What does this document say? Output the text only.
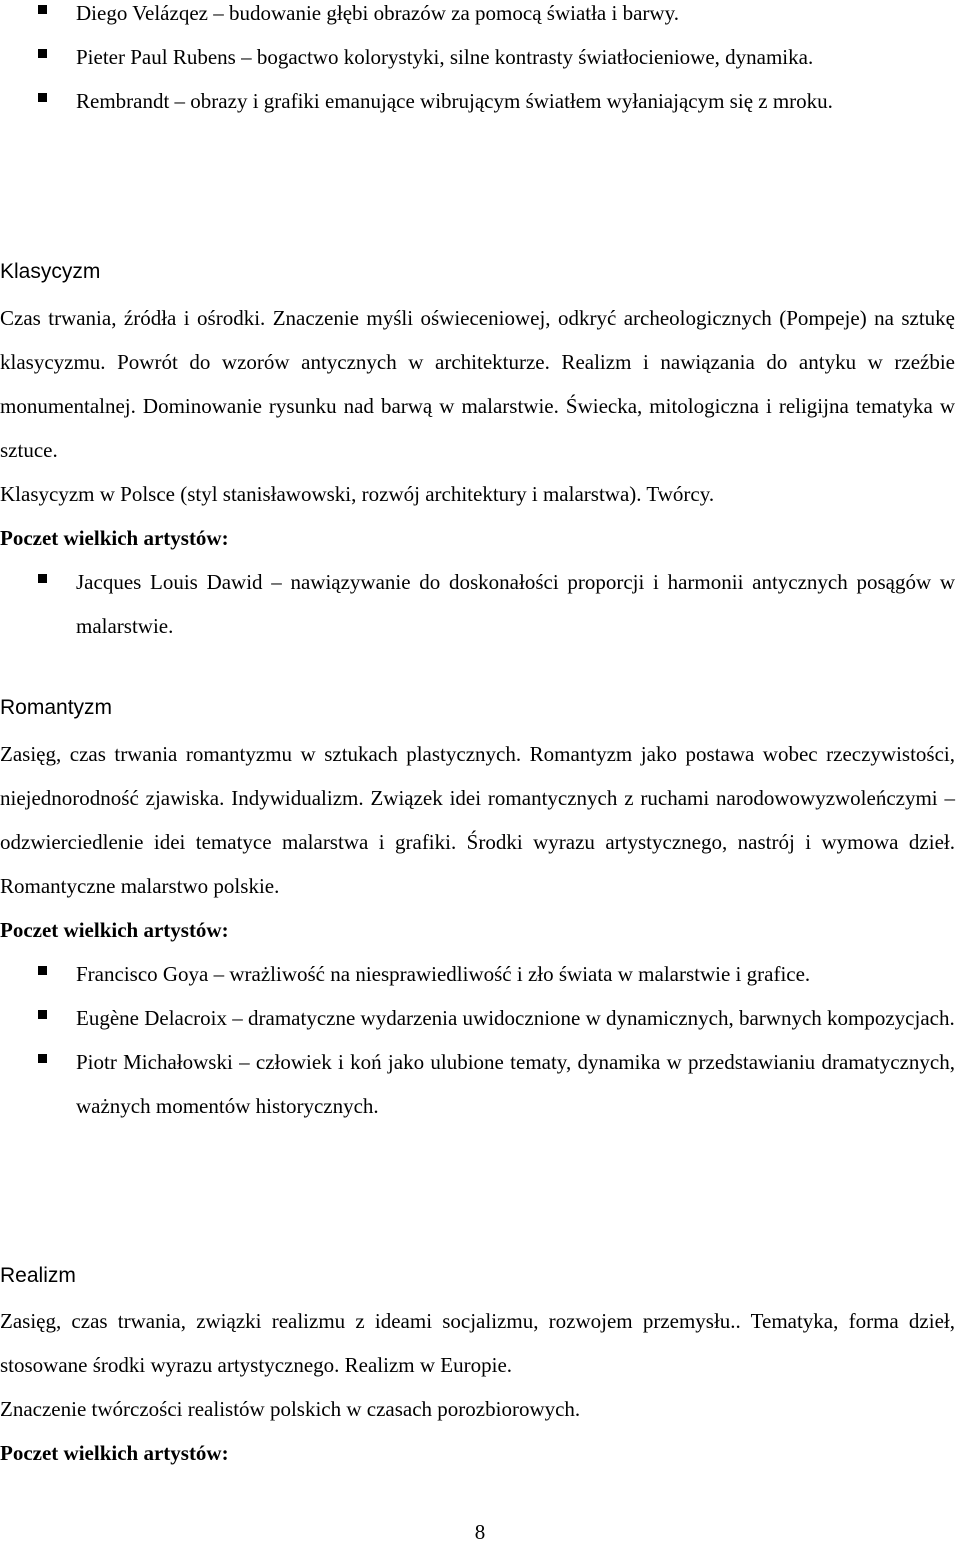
Diego Velázqez – budowanie głębi obrazów za pomocą światła i barwy.
Pieter Paul Rubens – bogactwo kolorystyki, silne kontrasty światłocieniowe, dynamika.
Rembrandt – obrazy i grafiki emanujące wibrującym światłem wyłaniającym się z mroku.
Klasycyzm

Czas trwania, źródła i ośrodki. Znaczenie myśli oświeceniowej, odkryć archeologicznych (Pompeje) na sztukę klasycyzmu. Powrót do wzorów antycznych w architekturze. Realizm i nawiązania do antyku w rzeźbie monumentalnej. Dominowanie rysunku nad barwą w malarstwie. Świecka, mitologiczna i religijna tematyka w sztuce.

Klasycyzm w Polsce (styl stanisławowski, rozwój architektury i malarstwa). Twórcy.

Poczet wielkich artystów:

Jacques Louis Dawid – nawiązywanie do doskonałości proporcji i harmonii antycznych posągów w malarstwie.
Romantyzm

Zasięg, czas trwania romantyzmu w sztukach plastycznych. Romantyzm jako postawa wobec rzeczywistości, niejednorodność zjawiska. Indywidualizm. Związek idei romantycznych z ruchami narodowowyzwoleńczymi – odzwierciedlenie idei tematyce malarstwa i grafiki. Środki wyrazu artystycznego, nastrój i wymowa dzieł. Romantyczne malarstwo polskie.

Poczet wielkich artystów:

Francisco Goya – wrażliwość na niesprawiedliwość i zło świata w malarstwie i grafice.
Eugène Delacroix – dramatyczne wydarzenia uwidocznione w dynamicznych, barwnych kompozycjach.
Piotr Michałowski – człowiek i koń jako ulubione tematy, dynamika w przedstawianiu dramatycznych, ważnych momentów historycznych.
Realizm

Zasięg, czas trwania, związki realizmu z ideami socjalizmu, rozwojem przemysłu.. Tematyka, forma dzieł, stosowane środki wyrazu artystycznego. Realizm w Europie.

Znaczenie twórczości realistów polskich w czasach porozbiorowych.

Poczet wielkich artystów:

8
